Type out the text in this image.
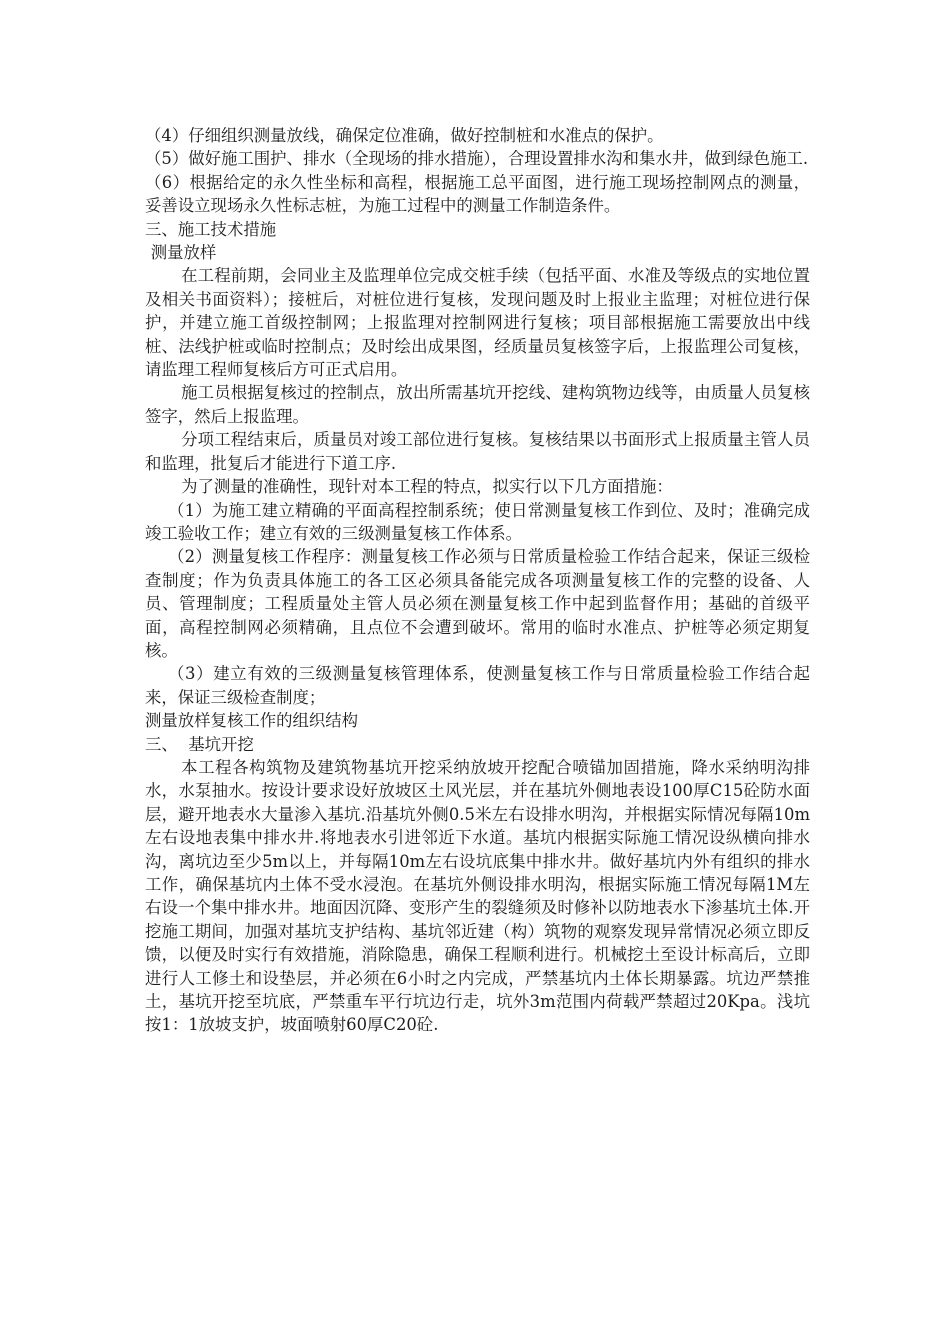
（4）仔细组织测量放线，确保定位准确，做好控制桩和水准点的保护。

（5）做好施工围护、排水（全现场的排水措施），合理设置排水沟和集水井，做到绿色施工.

（6）根据给定的永久性坐标和高程，根据施工总平面图，进行施工现场控制网点的测量，妥善设立现场永久性标志桩，为施工过程中的测量工作制造条件。

三、施工技术措施

测量放样

在工程前期，会同业主及监理单位完成交桩手续（包括平面、水准及等级点的实地位置及相关书面资料）；接桩后，对桩位进行复核，发现问题及时上报业主监理；对桩位进行保护，并建立施工首级控制网；上报监理对控制网进行复核；项目部根据施工需要放出中线桩、法线护桩或临时控制点；及时绘出成果图，经质量员复核签字后，上报监理公司复核，请监理工程师复核后方可正式启用。

施工员根据复核过的控制点，放出所需基坑开挖线、建构筑物边线等，由质量人员复核签字，然后上报监理。

分项工程结束后，质量员对竣工部位进行复核。复核结果以书面形式上报质量主管人员和监理，批复后才能进行下道工序.

为了测量的准确性，现针对本工程的特点，拟实行以下几方面措施：

（1）为施工建立精确的平面高程控制系统；使日常测量复核工作到位、及时；准确完成竣工验收工作；建立有效的三级测量复核工作体系。

（2）测量复核工作程序：测量复核工作必须与日常质量检验工作结合起来，保证三级检查制度；作为负责具体施工的各工区必须具备能完成各项测量复核工作的完整的设备、人员、管理制度；工程质量处主管人员必须在测量复核工作中起到监督作用；基础的首级平面，高程控制网必须精确，且点位不会遭到破坏。常用的临时水准点、护桩等必须定期复核。

（3）建立有效的三级测量复核管理体系，使测量复核工作与日常质量检验工作结合起来，保证三级检查制度；

测量放样复核工作的组织结构

三、  基坑开挖

本工程各构筑物及建筑物基坑开挖采纳放坡开挖配合喷锚加固措施，降水采纳明沟排水，水泵抽水。按设计要求设好放坡区土风光层，并在基坑外侧地表设100厚C15砼防水面层，避开地表水大量渗入基坑.沿基坑外侧0.5米左右设排水明沟，并根据实际情况每隔10m左右设地表集中排水井.将地表水引进邻近下水道。基坑内根据实际施工情况设纵横向排水沟，离坑边至少5m以上，并每隔10m左右设坑底集中排水井。做好基坑内外有组织的排水工作，确保基坑内土体不受水浸泡。在基坑外侧设排水明沟，根据实际施工情况每隔1M左右设一个集中排水井。地面因沉降、变形产生的裂缝须及时修补以防地表水下渗基坑土体.开挖施工期间，加强对基坑支护结构、基坑邻近建（构）筑物的观察发现异常情况必须立即反馈，以便及时实行有效措施，消除隐患，确保工程顺利进行。机械挖土至设计标高后，立即进行人工修土和设垫层，并必须在6小时之内完成，严禁基坑内土体长期暴露。坑边严禁推土，基坑开挖至坑底，严禁重车平行坑边行走，坑外3m范围内荷载严禁超过20Kpa。浅坑按1：1放坡支护，坡面喷射60厚C20砼.
